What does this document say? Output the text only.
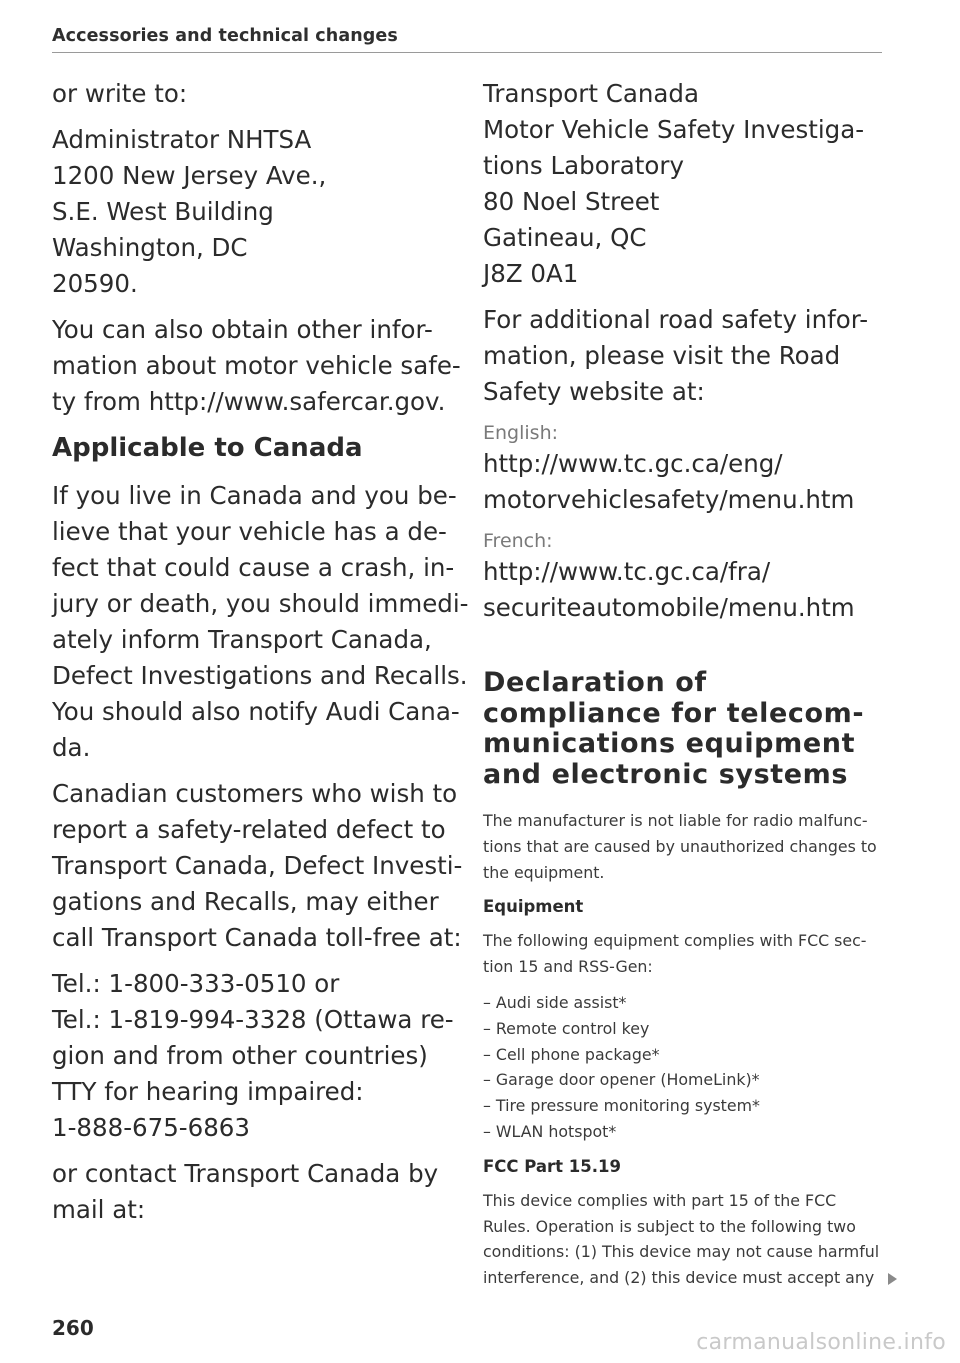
Accessories and technical changes
or write to:
Administrator NHTSA
1200 New Jersey Ave.,
S.E. West Building
Washington, DC
20590.
You can also obtain other infor-
mation about motor vehicle safe-
ty from http://www.safercar.gov.
Applicable to Canada
If you live in Canada and you be-
lieve that your vehicle has a de-
fect that could cause a crash, in-
jury or death, you should immedi-
ately inform Transport Canada,
Defect Investigations and Recalls.
You should also notify Audi Cana-
da.
Canadian customers who wish to
report a safety-related defect to
Transport Canada, Defect Investi-
gations and Recalls, may either
call Transport Canada toll-free at:
Tel.: 1-800-333-0510 or
Tel.: 1-819-994-3328 (Ottawa re-
gion and from other countries)
TTY for hearing impaired:
1-888-675-6863
or contact Transport Canada by
mail at:
Transport Canada
Motor Vehicle Safety Investiga-
tions Laboratory
80 Noel Street
Gatineau, QC
J8Z 0A1
For additional road safety infor-
mation, please visit the Road
Safety website at:
English:
http://www.tc.gc.ca/eng/
motorvehiclesafety/menu.htm
French:
http://www.tc.gc.ca/fra/
securiteautomobile/menu.htm
Declaration of
compliance for telecom-
munications equipment
and electronic systems
The manufacturer is not liable for radio malfunc-
tions that are caused by unauthorized changes to
the equipment.
Equipment
The following equipment complies with FCC sec-
tion 15 and RSS-Gen:
– Audi side assist*
– Remote control key
– Cell phone package*
– Garage door opener (HomeLink)*
– Tire pressure monitoring system*
– WLAN hotspot*
FCC Part 15.19
This device complies with part 15 of the FCC
Rules. Operation is subject to the following two
conditions: (1) This device may not cause harmful
interference, and (2) this device must accept any
260
carmanualsonline.info
